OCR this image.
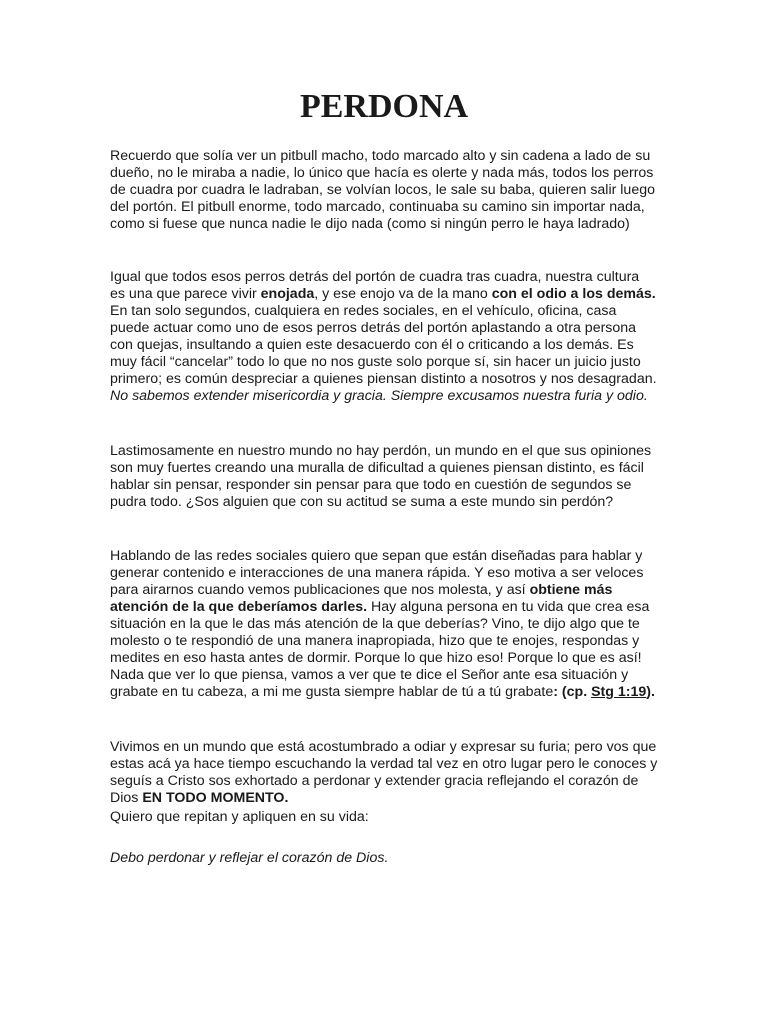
PERDONA

Recuerdo que solía ver un pitbull macho, todo marcado alto y sin cadena a lado de su dueño, no le miraba a nadie, lo único que hacía es olerte y nada más, todos los perros de cuadra por cuadra le ladraban, se volvían locos, le sale su baba, quieren salir luego del portón. El pitbull enorme, todo marcado, continuaba su camino sin importar nada, como si fuese que nunca nadie le dijo nada (como si ningún perro le haya ladrado)

Igual que todos esos perros detrás del portón de cuadra tras cuadra, nuestra cultura es una que parece vivir enojada, y ese enojo va de la mano con el odio a los demás. En tan solo segundos, cualquiera en redes sociales, en el vehículo, oficina, casa puede actuar como uno de esos perros detrás del portón aplastando a otra persona con quejas, insultando a quien este desacuerdo con él o criticando a los demás. Es muy fácil “cancelar” todo lo que no nos guste solo porque sí, sin hacer un juicio justo primero; es común despreciar a quienes piensan distinto a nosotros y nos desagradan. No sabemos extender misericordia y gracia. Siempre excusamos nuestra furia y odio.

Lastimosamente en nuestro mundo no hay perdón, un mundo en el que sus opiniones son muy fuertes creando una muralla de dificultad a quienes piensan distinto, es fácil hablar sin pensar, responder sin pensar para que todo en cuestión de segundos se pudra todo. ¿Sos alguien que con su actitud se suma a este mundo sin perdón?

Hablando de las redes sociales quiero que sepan que están diseñadas para hablar y generar contenido e interacciones de una manera rápida. Y eso motiva a ser veloces para airarnos cuando vemos publicaciones que nos molesta, y así obtiene más atención de la que deberíamos darles. Hay alguna persona en tu vida que crea esa situación en la que le das más atención de la que deberías? Vino, te dijo algo que te molesto o te respondió de una manera inapropiada, hizo que te enojes, respondas y medites en eso hasta antes de dormir. Porque lo que hizo eso! Porque lo que es así! Nada que ver lo que piensa, vamos a ver que te dice el Señor ante esa situación y grabate en tu cabeza, a mi me gusta siempre hablar de tú a tú grabate: (cp. Stg 1:19).

Vivimos en un mundo que está acostumbrado a odiar y expresar su furia; pero vos que estas acá ya hace tiempo escuchando la verdad tal vez en otro lugar pero le conoces y seguís a Cristo sos exhortado a perdonar y extender gracia reflejando el corazón de Dios EN TODO MOMENTO.

Quiero que repitan y apliquen en su vida:

Debo perdonar y reflejar el corazón de Dios.
